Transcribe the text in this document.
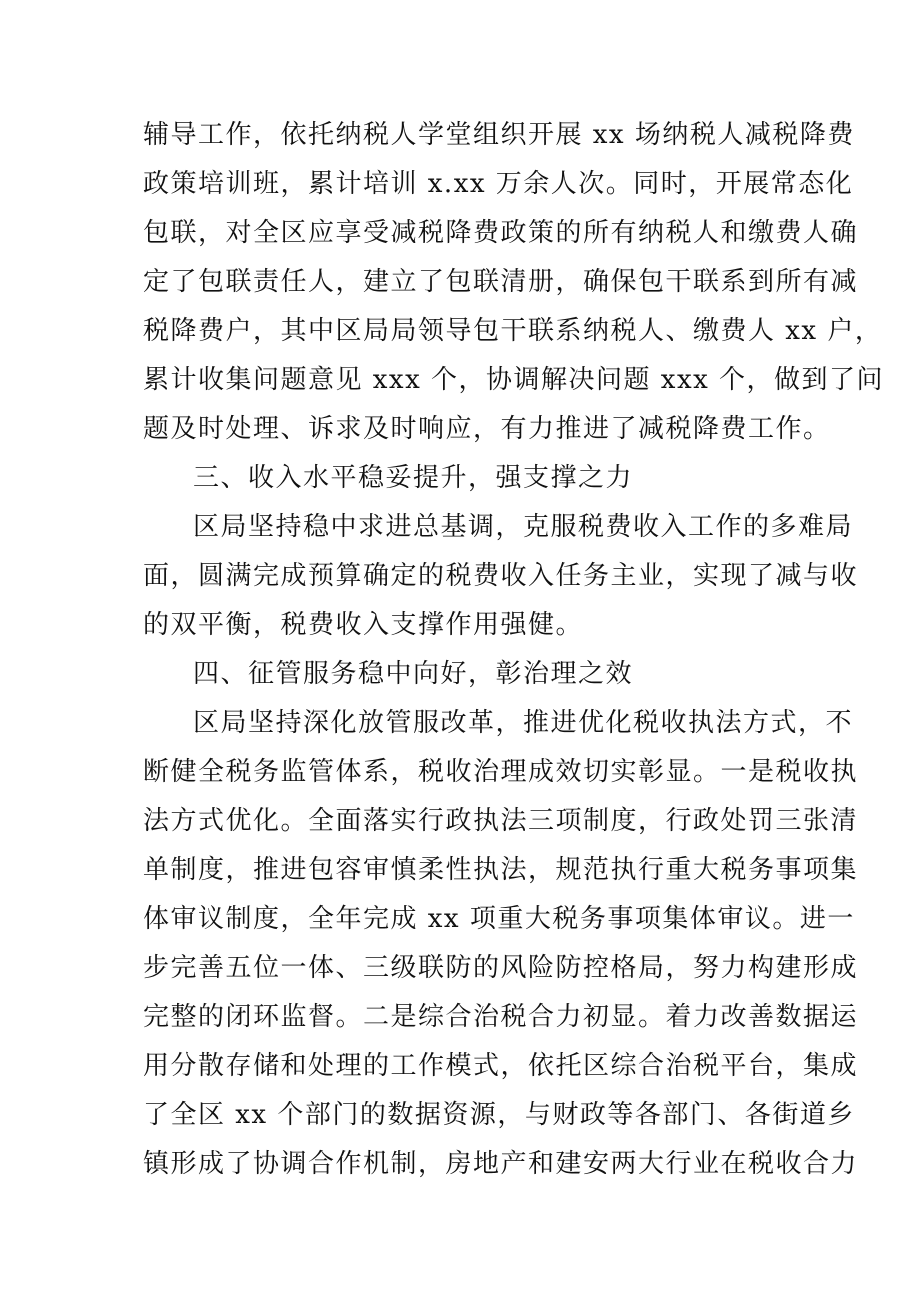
辅导工作，依托纳税人学堂组织开展 xx 场纳税人减税降费
政策培训班，累计培训 x.xx 万余人次。同时，开展常态化
包联，对全区应享受减税降费政策的所有纳税人和缴费人确
定了包联责任人，建立了包联清册，确保包干联系到所有减
税降费户，其中区局局领导包干联系纳税人、缴费人 xx 户，
累计收集问题意见 xxx 个，协调解决问题 xxx 个，做到了问
题及时处理、诉求及时响应，有力推进了减税降费工作。
三、收入水平稳妥提升，强支撑之力
区局坚持稳中求进总基调，克服税费收入工作的多难局
面，圆满完成预算确定的税费收入任务主业，实现了减与收
的双平衡，税费收入支撑作用强健。
四、征管服务稳中向好，彰治理之效
区局坚持深化放管服改革，推进优化税收执法方式，不
断健全税务监管体系，税收治理成效切实彰显。一是税收执
法方式优化。全面落实行政执法三项制度，行政处罚三张清
单制度，推进包容审慎柔性执法，规范执行重大税务事项集
体审议制度，全年完成 xx 项重大税务事项集体审议。进一
步完善五位一体、三级联防的风险防控格局，努力构建形成
完整的闭环监督。二是综合治税合力初显。着力改善数据运
用分散存储和处理的工作模式，依托区综合治税平台，集成
了全区 xx 个部门的数据资源，与财政等各部门、各街道乡
镇形成了协调合作机制，房地产和建安两大行业在税收合力
